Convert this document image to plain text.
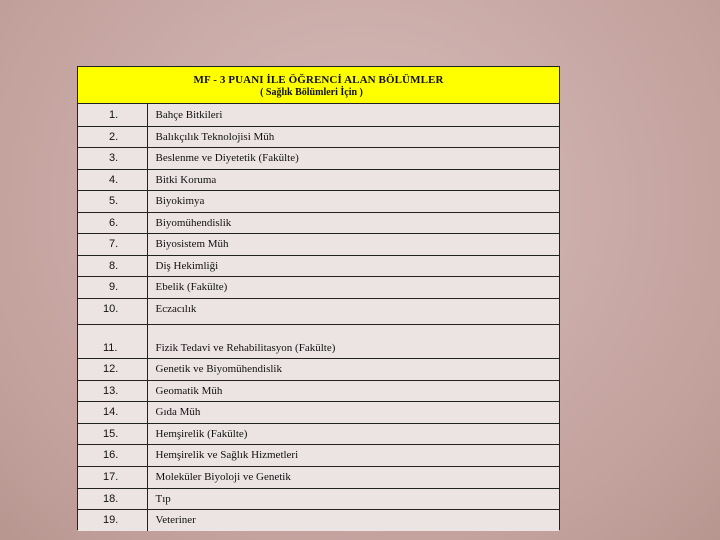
MF - 3 PUANI İLE ÖĞRENCİ ALAN BÖLÜMLER
( Sağlık Bölümleri İçin )
1.	Bahçe Bitkileri
2.	Balıkçılık Teknolojisi Müh
3.	Beslenme ve Diyetetik (Fakülte)
4.	Bitki Koruma
5.	Biyokimya
6.	Biyomühendislik
7.	Biyosistem Müh
8.	Diş Hekimliği
9.	Ebelik (Fakülte)
10.	Eczacılık
11.	Fizik Tedavi ve Rehabilitasyon (Fakülte)
12.	Genetik ve Biyomühendislik
13.	Geomatik Müh
14.	Gıda Müh
15.	Hemşirelik (Fakülte)
16.	Hemşirelik ve Sağlık Hizmetleri
17.	Moleküler Biyoloji ve Genetik
18.	Tıp
19.	Veteriner
